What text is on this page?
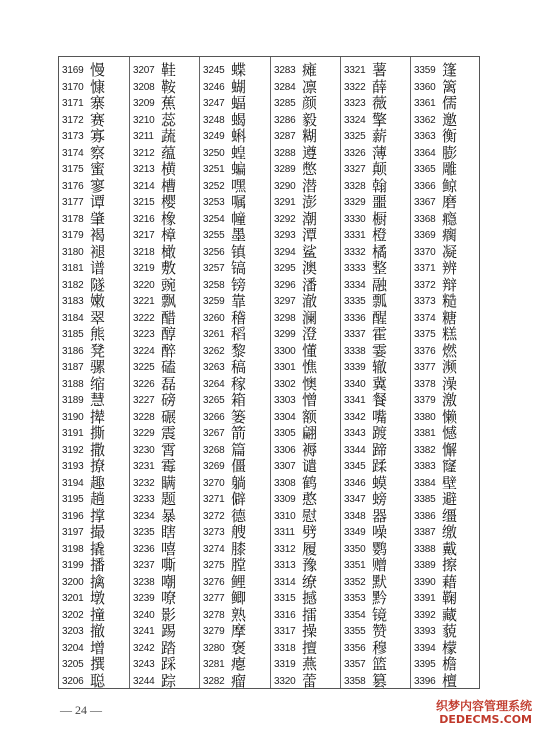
3169 慢
3170 慷
3171 寨
3172 赛
3173 寡
3174 察
3175 蜜
3176 寥
3177 谭
3178 肇
3179 褐
3180 褪
3181 谱
3182 隧
3183 嫩
3184 翠
3185 熊
3186 凳
3187 骡
3188 缩
3189 慧
3190 撵
3191 撕
3192 撒
3193 撩
3194 趣
3195 趟
3196 撑
3197 撮
3198 撬
3199 播
3200 擒
3201 墩
3202 撞
3203 撤
3204 增
3205 撰
3206 聪
3207 鞋
3208 鞍
3209 蕉
3210 蕊
3211 蔬
3212 蕴
3213 横
3214 槽
3215 樱
3216 橡
3217 樟
3218 橄
3219 敷
3220 豌
3221 飘
3222 醋
3223 醇
3224 醉
3225 磕
3226 磊
3227 磅
3228 碾
3229 震
3230 霄
3231 霉
3232 瞒
3233 题
3234 暴
3235 瞎
3236 嘻
3237 嘶
3238 嘲
3239 嘹
3240 影
3241 踢
3242 踏
3243 踩
3244 踪
3245 蝶
3246 蝴
3247 蝠
3248 蝎
3249 蝌
3250 蝗
3251 蝙
3252 嘿
3253 嘱
3254 幢
3255 墨
3256 镇
3257 镐
3258 镑
3259 靠
3260 稽
3261 稻
3262 黎
3263 稿
3264 稼
3265 箱
3266 篓
3267 箭
3268 篇
3269 僵
3270 躺
3271 僻
3272 德
3273 艘
3274 膝
3275 膛
3276 鲤
3277 鲫
3278 熟
3279 摩
3280 褒
3281 瘪
3282 瘤
3283 瘫
3284 凛
3285 颜
3286 毅
3287 糊
3288 遵
3289 憋
3290 潜
3291 澎
3292 潮
3293 潭
3294 鲨
3295 澳
3296 潘
3297 澈
3298 澜
3299 澄
3300 懂
3301 憔
3302 懊
3303 憎
3304 额
3305 翩
3306 褥
3307 谴
3308 鹤
3309 憨
3310 慰
3311 劈
3312 履
3313 豫
3314 缭
3315 撼
3316 擂
3317 操
3318 擅
3319 燕
3320 蕾
3321 薯
3322 薛
3323 薇
3324 擎
3325 薪
3326 薄
3327 颠
3328 翰
3329 噩
3330 橱
3331 橙
3332 橘
3333 整
3334 融
3335 瓢
3336 醒
3337 霍
3338 霎
3339 辙
3340 冀
3341 餐
3342 嘴
3343 踱
3344 蹄
3345 蹂
3346 蟆
3347 螃
3348 器
3349 噪
3350 鹦
3351 赠
3352 默
3353 黔
3354 镜
3355 赞
3356 穆
3357 篮
3358 篡
3359 篷
3360 篱
3361 儒
3362 邀
3363 衡
3364 膨
3365 雕
3366 鲸
3367 磨
3368 瘾
3369 瘸
3370 凝
3371 辨
3372 辩
3373 糙
3374 糖
3375 糕
3376 燃
3377 濒
3378 澡
3379 激
3380 懒
3381 憾
3382 懈
3383 窿
3384 壁
3385 避
3386 缰
3387 缴
3388 戴
3389 擦
3390 藉
3391 鞠
3392 藏
3393 藐
3394 檬
3395 檐
3396 檀
— 24 —	织梦内容管理系统
DEDECMS.COM
